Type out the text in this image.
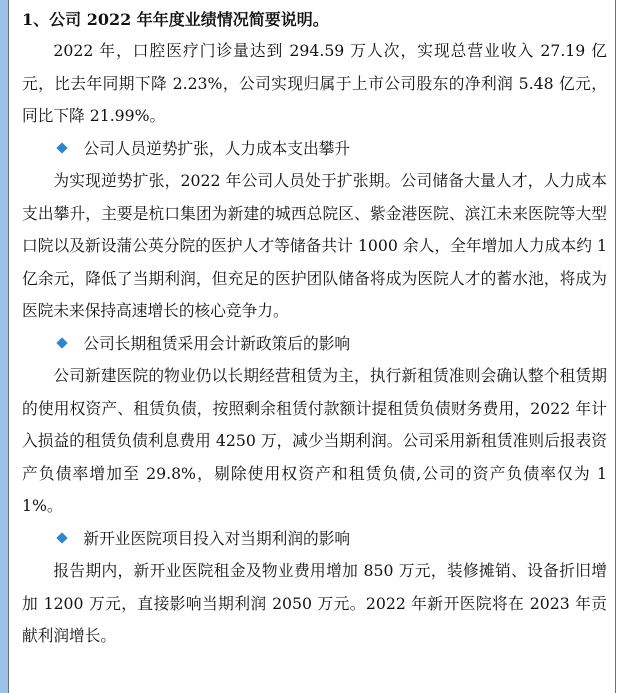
1、公司 2022 年年度业绩情况简要说明。

2022 年，口腔医疗门诊量达到 294.59 万人次，实现总营业收入 27.19 亿元，比去年同期下降 2.23%，公司实现归属于上市公司股东的净利润 5.48 亿元，同比下降 21.99%。

公司人员逆势扩张，人力成本支出攀升

为实现逆势扩张，2022 年公司人员处于扩张期。公司储备大量人才，人力成本支出攀升，主要是杭口集团为新建的城西总院区、紫金港医院、滨江未来医院等大型口院以及新设蒲公英分院的医护人才等储备共计 1000 余人，全年增加人力成本约 1 亿余元，降低了当期利润，但充足的医护团队储备将成为医院人才的蓄水池，将成为医院未来保持高速增长的核心竞争力。

公司长期租赁采用会计新政策后的影响

公司新建医院的物业仍以长期经营租赁为主，执行新租赁准则会确认整个租赁期的使用权资产、租赁负债，按照剩余租赁付款额计提租赁负债财务费用，2022 年计入损益的租赁负债利息费用 4250 万，减少当期利润。公司采用新租赁准则后报表资产负债率增加至 29.8%，剔除使用权资产和租赁负债,公司的资产负债率仅为 11%。

新开业医院项目投入对当期利润的影响

报告期内，新开业医院租金及物业费用增加 850 万元，装修摊销、设备折旧增加 1200 万元，直接影响当期利润 2050 万元。2022 年新开医院将在 2023 年贡献利润增长。
